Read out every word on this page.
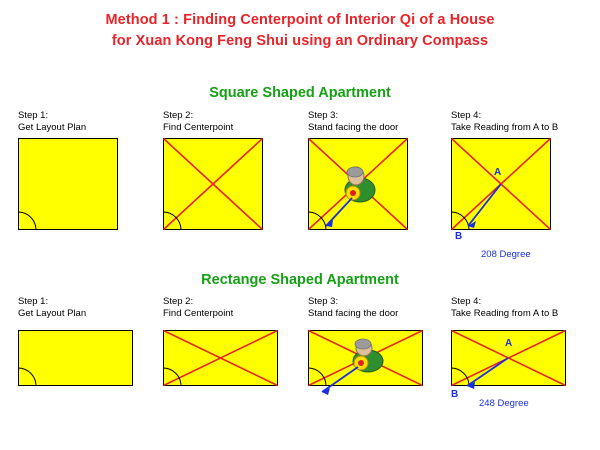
Method 1 : Finding Centerpoint of Interior Qi of a House
for Xuan Kong Feng Shui using an Ordinary Compass
Square Shaped Apartment
Step 1:
Get Layout Plan
Step 2:
Find Centerpoint
Step 3:
Stand facing the door
Step 4:
Take Reading from A to B
A
B
208 Degree
Rectange Shaped Apartment
Step 1:
Get Layout Plan
Step 2:
Find Centerpoint
Step 3:
Stand facing the door
Step 4:
Take Reading from A to B
A
B
248 Degree
